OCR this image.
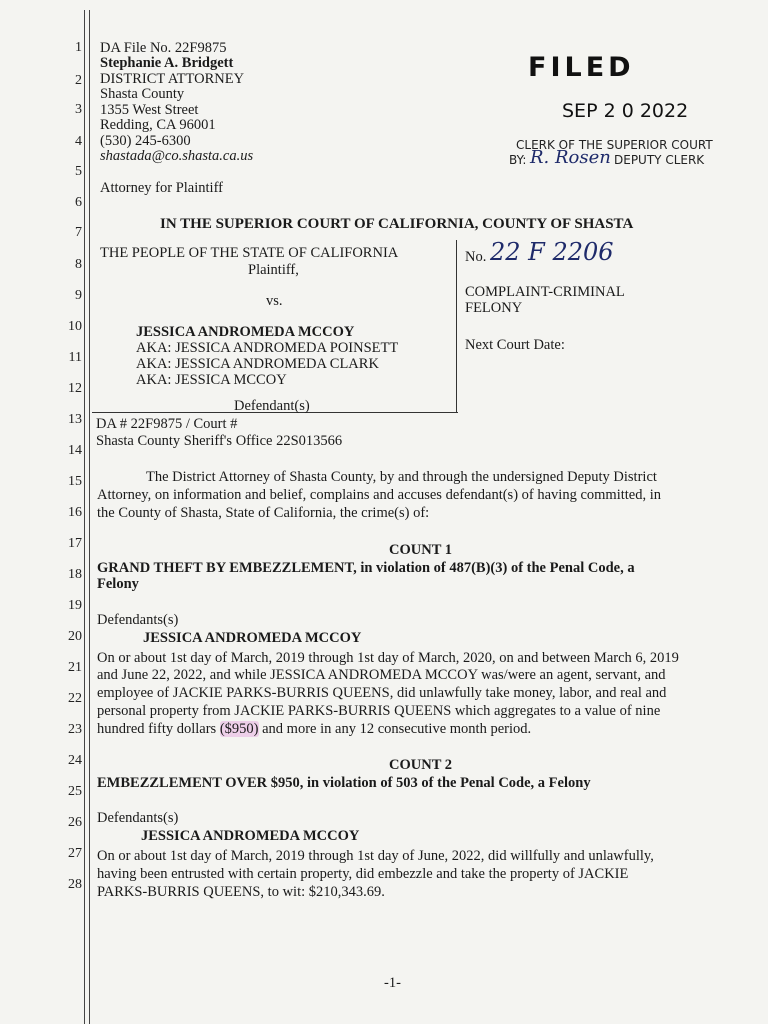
1
2
3
4
5
6
7
8
9
10
11
12
13
14
15
16
17
18
19
20
21
22
23
24
25
26
27
28
DA File No. 22F9875
Stephanie A. Bridgett
DISTRICT ATTORNEY
Shasta County
1355 West Street
Redding, CA 96001
(530) 245-6300
shastada@co.shasta.ca.us
Attorney for Plaintiff
FILED
SEP 2 0 2022
CLERK OF THE SUPERIOR COURT
BY: R. Rosen DEPUTY CLERK
IN THE SUPERIOR COURT OF CALIFORNIA, COUNTY OF SHASTA
THE PEOPLE OF THE STATE OF CALIFORNIA
Plaintiff,
vs.
JESSICA ANDROMEDA MCCOY
AKA: JESSICA ANDROMEDA POINSETT
AKA: JESSICA ANDROMEDA CLARK
AKA: JESSICA MCCOY
Defendant(s)
No. 22 F 2206
COMPLAINT-CRIMINAL
FELONY
Next Court Date:
DA # 22F9875 / Court #
Shasta County Sheriff's Office 22S013566
The District Attorney of Shasta County, by and through the undersigned Deputy District
Attorney, on information and belief, complains and accuses defendant(s) of having committed, in
the County of Shasta, State of California, the crime(s) of:
COUNT 1
GRAND THEFT BY EMBEZZLEMENT, in violation of 487(B)(3) of the Penal Code, a
Felony
Defendants(s)
JESSICA ANDROMEDA MCCOY
On or about 1st day of March, 2019 through 1st day of March, 2020, on and between March 6, 2019
and June 22, 2022, and while JESSICA ANDROMEDA MCCOY was/were an agent, servant, and
employee of JACKIE PARKS-BURRIS QUEENS, did unlawfully take money, labor, and real and
personal property from JACKIE PARKS-BURRIS QUEENS which aggregates to a value of nine
hundred fifty dollars ($950) and more in any 12 consecutive month period.
COUNT 2
EMBEZZLEMENT OVER $950, in violation of 503 of the Penal Code, a Felony
Defendants(s)
JESSICA ANDROMEDA MCCOY
On or about 1st day of March, 2019 through 1st day of June, 2022, did willfully and unlawfully,
having been entrusted with certain property, did embezzle and take the property of JACKIE
PARKS-BURRIS QUEENS, to wit: $210,343.69.
-1-
